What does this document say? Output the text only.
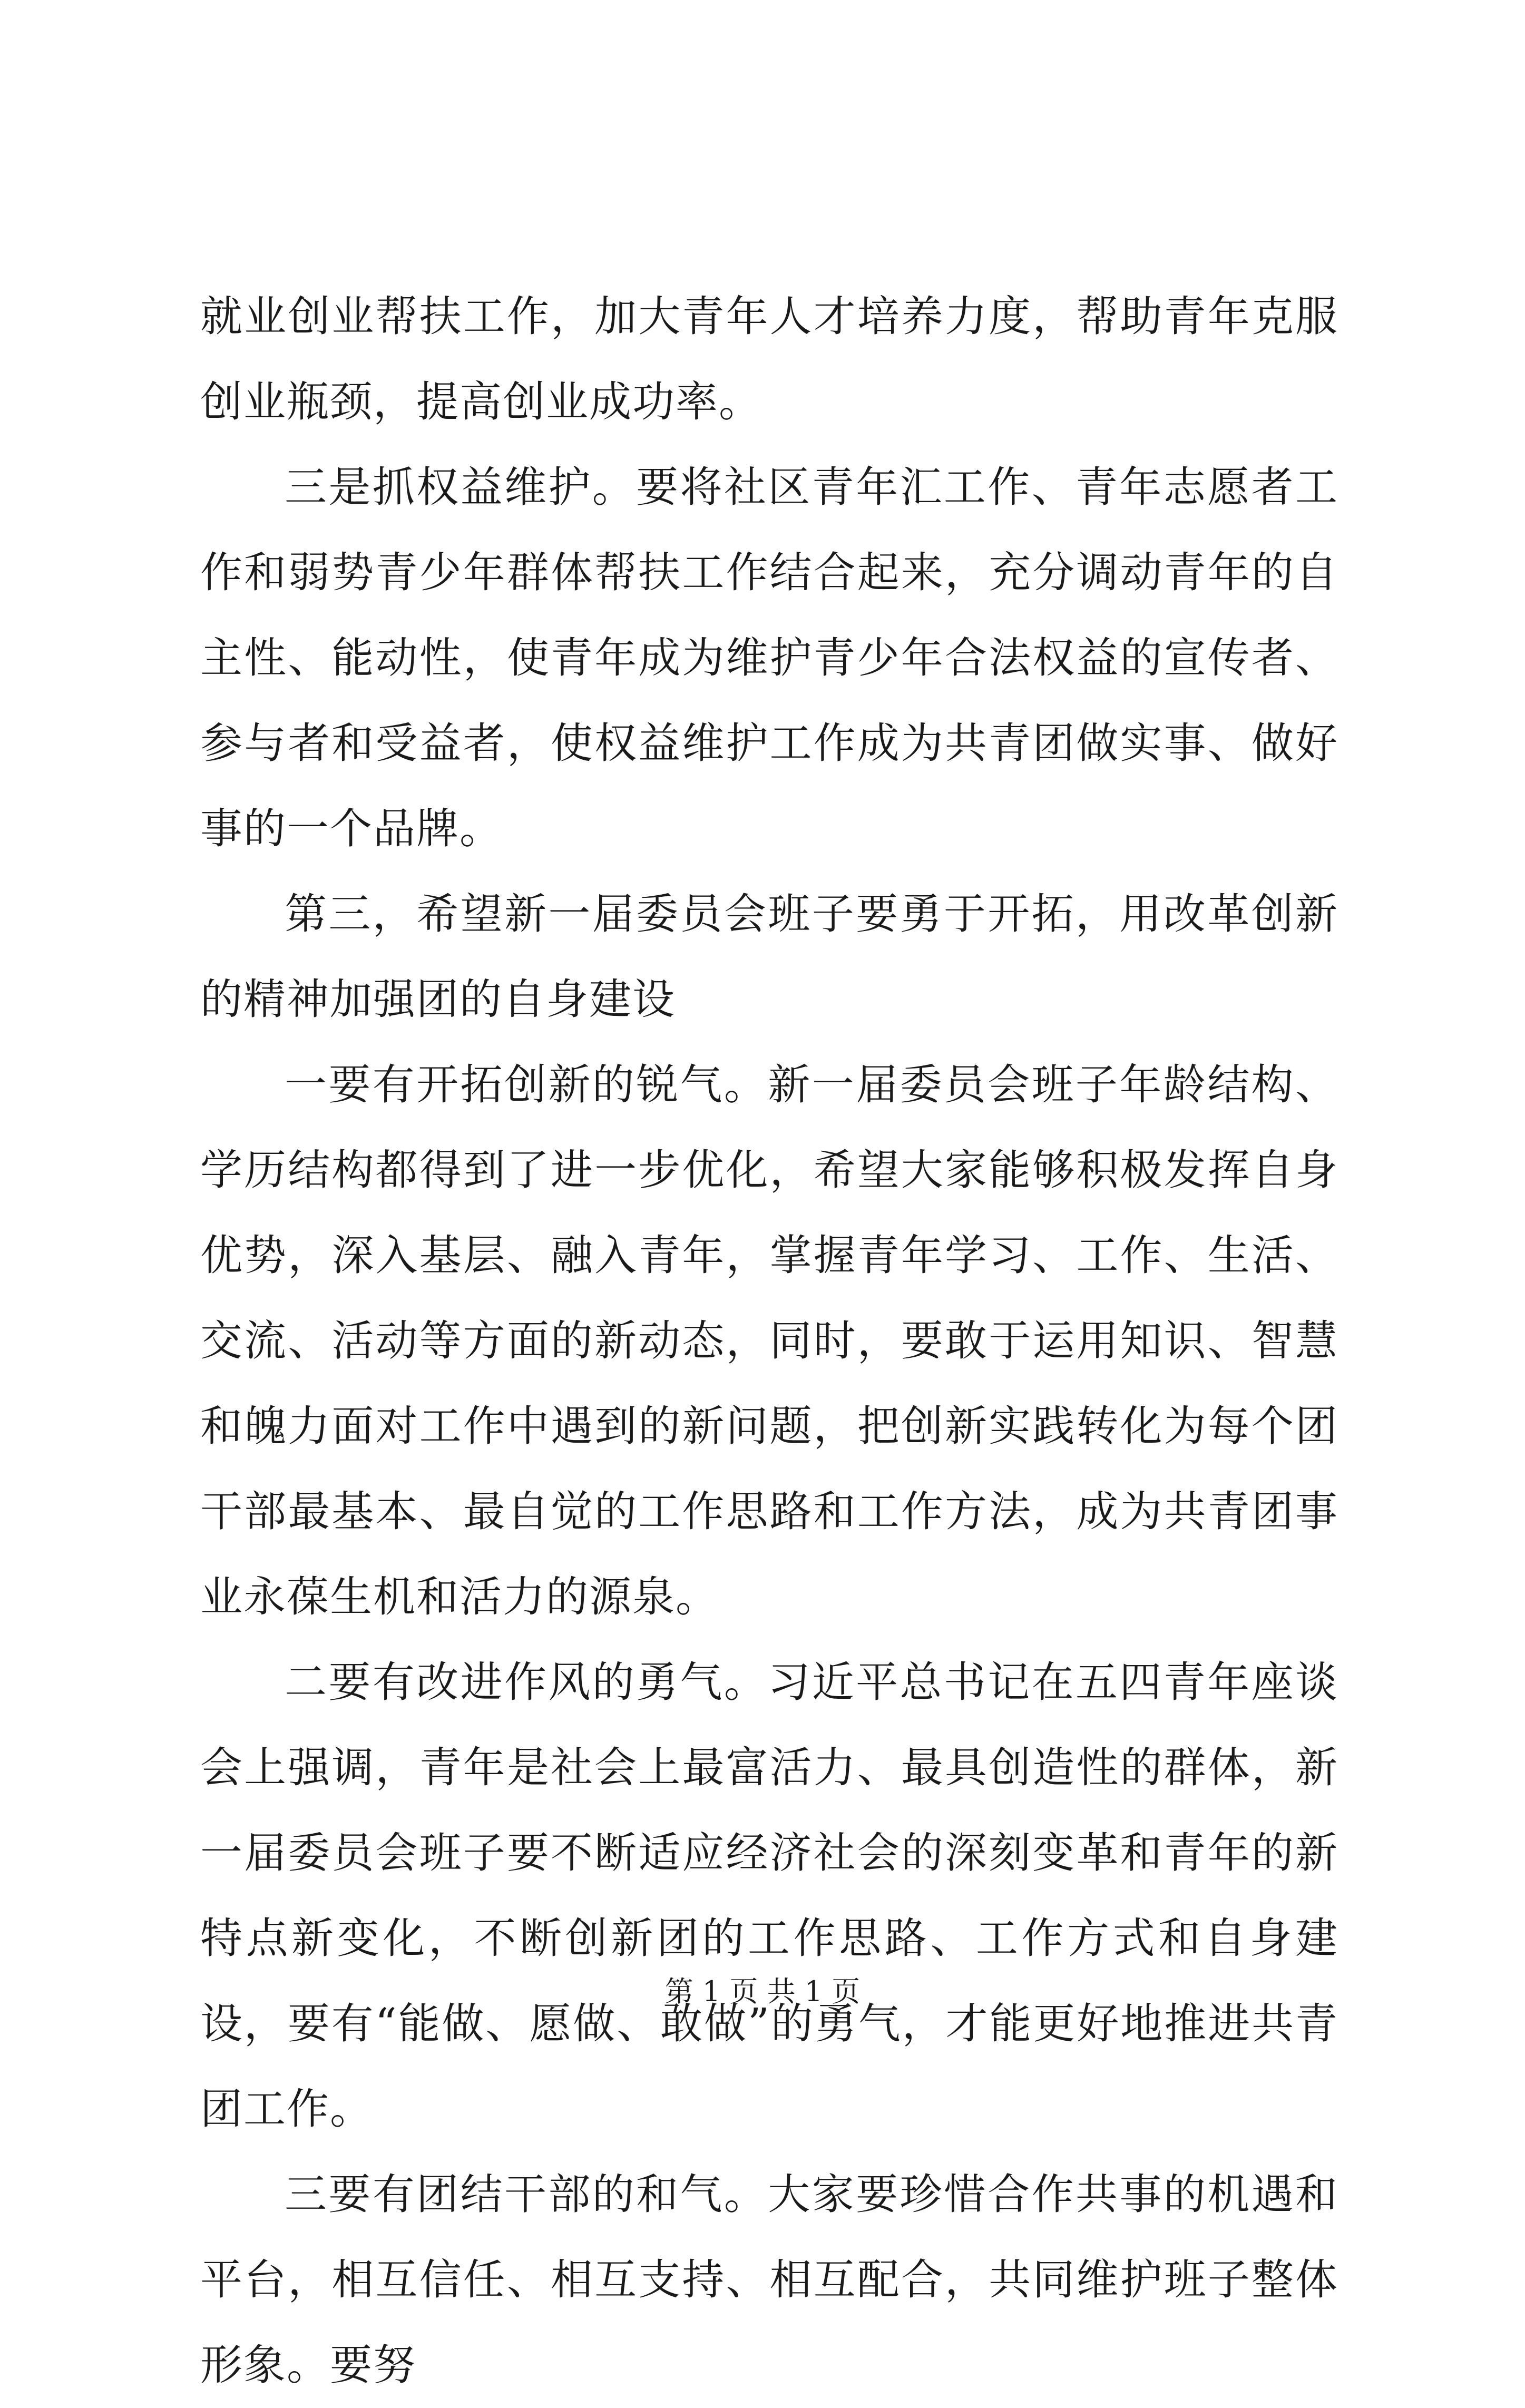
就业创业帮扶工作，加大青年人才培养力度，帮助青年克服创业瓶颈，提高创业成功率。

三是抓权益维护。要将社区青年汇工作、青年志愿者工作和弱势青少年群体帮扶工作结合起来，充分调动青年的自主性、能动性，使青年成为维护青少年合法权益的宣传者、参与者和受益者，使权益维护工作成为共青团做实事、做好事的一个品牌。

第三，希望新一届委员会班子要勇于开拓，用改革创新的精神加强团的自身建设

一要有开拓创新的锐气。新一届委员会班子年龄结构、学历结构都得到了进一步优化，希望大家能够积极发挥自身优势，深入基层、融入青年，掌握青年学习、工作、生活、交流、活动等方面的新动态，同时，要敢于运用知识、智慧和魄力面对工作中遇到的新问题，把创新实践转化为每个团干部最基本、最自觉的工作思路和工作方法，成为共青团事业永葆生机和活力的源泉。

二要有改进作风的勇气。习近平总书记在五四青年座谈会上强调，青年是社会上最富活力、最具创造性的群体，新一届委员会班子要不断适应经济社会的深刻变革和青年的新特点新变化，不断创新团的工作思路、工作方式和自身建设，要有“能做、愿做、敢做”的勇气，才能更好地推进共青团工作。

三要有团结干部的和气。大家要珍惜合作共事的机遇和平台，相互信任、相互支持、相互配合，共同维护班子整体形象。要努

第 1 页 共 1 页
